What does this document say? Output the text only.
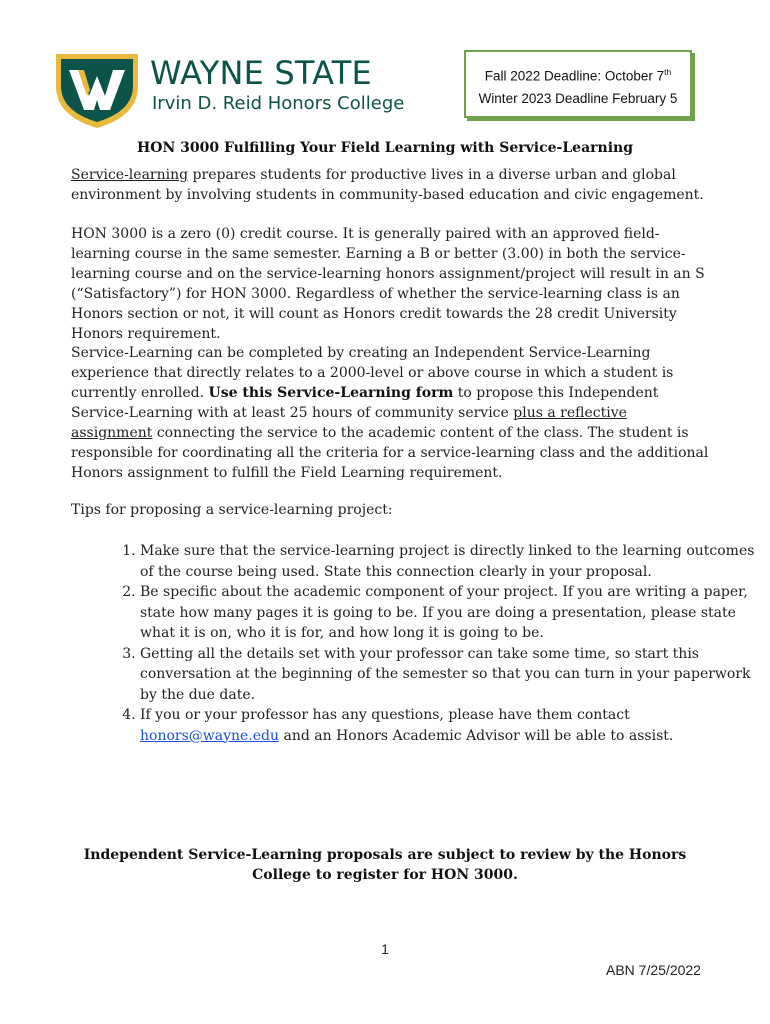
WAYNE STATE
Irvin D. Reid Honors College
Fall 2022 Deadline: October 7th
Winter 2023 Deadline February 5
HON 3000 Fulfilling Your Field Learning with Service-Learning

Service-learning prepares students for productive lives in a diverse urban and global environment by involving students in community-based education and civic engagement.

HON 3000 is a zero (0) credit course. It is generally paired with an approved field-learning course in the same semester. Earning a B or better (3.00) in both the service-learning course and on the service-learning honors assignment/project will result in an S (“Satisfactory”) for HON 3000. Regardless of whether the service-learning class is an Honors section or not, it will count as Honors credit towards the 28 credit University Honors requirement.

Service-Learning can be completed by creating an Independent Service-Learning experience that directly relates to a 2000-level or above course in which a student is currently enrolled. Use this Service-Learning form to propose this Independent Service-Learning with at least 25 hours of community service plus a reflective assignment connecting the service to the academic content of the class. The student is responsible for coordinating all the criteria for a service-learning class and the additional Honors assignment to fulfill the Field Learning requirement.

Tips for proposing a service-learning project:

1. Make sure that the service-learning project is directly linked to the learning outcomes of the course being used. State this connection clearly in your proposal.
2. Be specific about the academic component of your project. If you are writing a paper, state how many pages it is going to be. If you are doing a presentation, please state what it is on, who it is for, and how long it is going to be.
3. Getting all the details set with your professor can take some time, so start this conversation at the beginning of the semester so that you can turn in your paperwork by the due date.
4. If you or your professor has any questions, please have them contact honors@wayne.edu and an Honors Academic Advisor will be able to assist.

Independent Service-Learning proposals are subject to review by the Honors College to register for HON 3000.

1
ABN 7/25/2022
